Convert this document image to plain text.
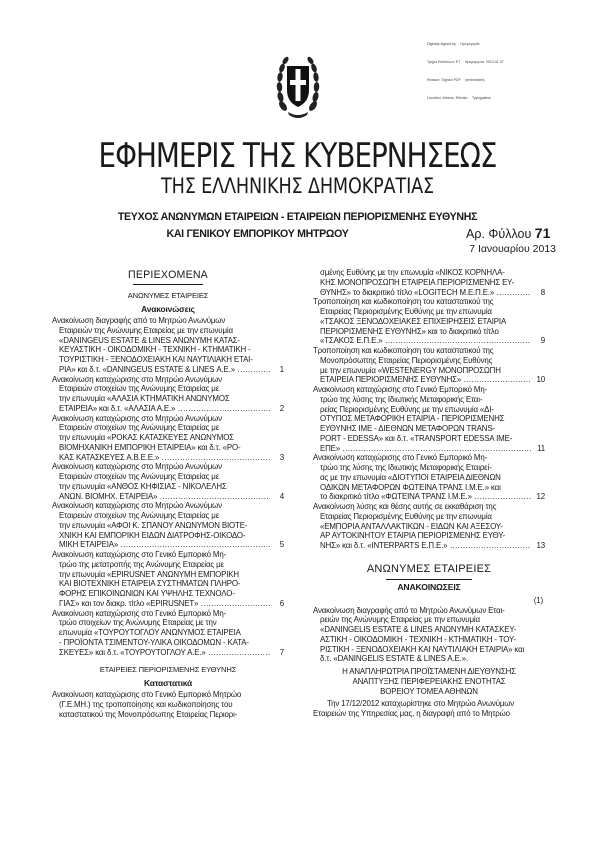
Digitally signed by Ημερομηνία Τμήμα Εκδόσεων ΕΤ Ημερομηνία: 2013.01.07 Reason: Signed PDF (embedded) Location: Athens, Ethniko Typografeio
ΕΦΗΜΕΡΙΣ ΤΗΣ ΚΥΒΕΡΝΗΣΕΩΣ
ΤΗΣ ΕΛΛΗΝΙΚΗΣ ΔΗΜΟΚΡΑΤΙΑΣ
ΤΕΥΧΟΣ ΑΝΩΝΥΜΩΝ ΕΤΑΙΡΕΙΩΝ - ΕΤΑΙΡΕΙΩΝ ΠΕΡΙΟΡΙΣΜΕΝΗΣ ΕΥΘΥΝΗΣ
ΚΑΙ ΓΕΝΙΚΟΥ ΕΜΠΟΡΙΚΟΥ ΜΗΤΡΩΟΥ	Αρ. Φύλλου 71
7 Ιανουαρίου 2013
ΠΕΡΙΕΧΟΜΕΝΑ
ΑΝΩΝΥΜΕΣ ΕΤΑΙΡΕΙΕΣ
Ανακοινώσεις
Ανακοίνωση διαγραφής από το Μητρώο Ανωνύμων
Εταιρειών της Ανώνυμης Εταιρείας με την επωνυμία
«DANINGEUS ESTATE & LINES ΑΝΩΝΥΜΗ ΚΑΤΑΣ-
ΚΕΥΑΣΤΙΚΗ - ΟΙΚΟΔΟΜΙΚΗ - ΤΕΧΝΙΚΗ - ΚΤΗΜΑΤΙΚΗ -
ΤΟΥΡΙΣΤΙΚΗ - ΞΕΝΟΔΟΧΕΙΑΚΗ ΚΑΙ ΝΑΥΤΙΛΙΑΚΗ ΕΤΑΙ-
ΡΙΑ» και δ.τ. «DANINGEUS ESTATE & LINES Α.Ε.» .....	1
Ανακοίνωση καταχώρισης στο Μητρώο Ανωνύμων
Εταιρειών στοιχείων της Ανώνυμης Εταιρείας με
την επωνυμία «ΑΛΑΣΙΑ ΚΤΗΜΑΤΙΚΗ ΑΝΩΝΥΜΟΣ
ΕΤΑΙΡΕΙΑ» και δ.τ. «ΑΛΑΣΙΑ Α.Ε.» .....	2
Ανακοίνωση καταχώρισης στο Μητρώο Ανωνύμων
Εταιρειών στοιχείων της Ανώνυμης Εταιρείας με
την επωνυμία «ΡΟΚΑΣ ΚΑΤΑΣΚΕΥΕΣ ΑΝΩΝΥΜΟΣ
ΒΙΟΜΗΧΑΝΙΚΗ ΕΜΠΟΡΙΚΗ ΕΤΑΙΡΕΙΑ» και δ.τ. «ΡΟ-
ΚΑΣ ΚΑΤΑΣΚΕΥΕΣ Α.Β.Ε.Ε.» .....	3
Ανακοίνωση καταχώρισης στο Μητρώο Ανωνύμων
Εταιρειών στοιχείων της Ανώνυμης Εταιρείας με
την επωνυμία «ΑΝΘΟΣ ΚΗΦΙΣΙΑΣ - ΝΙΚΟΛΕΛΗΣ
ΑΝΩΝ. ΒΙΟΜΗΧ. ΕΤΑΙΡΕΙΑ» .....	4
Ανακοίνωση καταχώρισης στο Μητρώο Ανωνύμων
Εταιρειών στοιχείων της Ανώνυμης Εταιρείας με
την επωνυμία «ΑΦΟΙ Κ. ΣΠΑΝΟΥ ΑΝΩΝΥΜΟΝ ΒΙΟΤΕ-
ΧΝΙΚΗ ΚΑΙ ΕΜΠΟΡΙΚΗ ΕΙΔΩΝ ΔΙΑΤΡΟΦΗΣ-ΟΙΚΟΔΟ-
ΜΙΚΗ ΕΤΑΙΡΕΙΑ» .....	5
Ανακοίνωση καταχώρισης στο Γενικό Εμπορικό Μη-
τρώο της μετατροπής της Ανώνυμης Εταιρείας με
την επωνυμία «EPIRUSNET ΑΝΩΝΥΜΗ ΕΜΠΟΡΙΚΗ
ΚΑΙ ΒΙΟΤΕΧΝΙΚΗ ΕΤΑΙΡΕΙΑ ΣΥΣΤΗΜΑΤΩΝ ΠΛΗΡΟ-
ΦΟΡΗΣ ΕΠΙΚΟΙΝΩΝΙΩΝ ΚΑΙ ΥΨΗΛΗΣ ΤΕΧΝΟΛΟ-
ΓΙΑΣ» και τον διακρ. τίτλο «EPIRUSNET» .....	6
Ανακοίνωση καταχώρισης στο Γενικό Εμπορικό Μη-
τρώο στοιχείων της Ανώνυμης Εταιρείας με την
επωνυμία «ΤΟΥΡΟΥΤΟΓΛΟΥ ΑΝΩΝΥΜΟΣ ΕΤΑΙΡΕΙΑ
- ΠΡΟΪΟΝΤΑ ΤΣΙΜΕΝΤΟΥ-ΥΛΙΚΑ ΟΙΚΟΔΟΜΩΝ - ΚΑΤΑ-
ΣΚΕΥΕΣ» και δ.τ. «ΤΟΥΡΟΥΤΟΓΛΟΥ Α.Ε.» .....	7
ΕΤΑΙΡΕΙΕΣ ΠΕΡΙΟΡΙΣΜΕΝΗΣ ΕΥΘΥΝΗΣ
Καταστατικά
Ανακοίνωση καταχώρισης στο Γενικό Εμπορικό Μητρώο
(Γ.Ε.ΜΗ.) της τροποποίησης και κωδικοποίησης του
καταστατικού της Μονοπρόσωπης Εταιρείας Περιορι-
σμένης Ευθύνης με την επωνυμία «ΝΙΚΟΣ ΚΟΡΝΗΛΑ-
ΚΗΣ ΜΟΝΟΠΡΟΣΩΠΗ ΕΤΑΙΡΕΙΑ ΠΕΡΙΟΡΙΣΜΕΝΗΣ ΕΥ-
ΘΥΝΗΣ» το διακριτικό τίτλο «LOGITECH Μ.Ε.Π.Ε.» .....	8
Τροποποίηση και κωδικοποίηση του καταστατικού της
Εταιρείας Περιορισμένης Ευθύνης με την επωνυμία
«ΤΣΑΚΟΣ ΞΕΝΟΔΟΧΕΙΑΚΕΣ ΕΠΙΧΕΙΡΗΣΕΙΣ ΕΤΑΙΡΙΑ
ΠΕΡΙΟΡΙΣΜΕΝΗΣ ΕΥΘΥΝΗΣ» και το διακριτικό τίτλο
«ΤΣΑΚΟΣ Ε.Π.Ε.» .....	9
Τροποποίηση και κωδικοποίηση του καταστατικού της
Μονοπρόσωπης Εταιρείας Περιορισμένης Ευθύνης
με την επωνυμία «WESTENERGY ΜΟΝΟΠΡΟΣΩΠΗ
ΕΤΑΙΡΕΙΑ ΠΕΡΙΟΡΙΣΜΕΝΗΣ ΕΥΘΥΝΗΣ» .....	10
Ανακοίνωση καταχώρισης στο Γενικό Εμπορικό Μη-
τρώο της λύσης της Ιδιωτικής Μεταφορικής Εται-
ρείας Περιορισμένης Ευθύνης με την επωνυμία «ΔΙ-
ΟΤΥΠΟΣ ΜΕΤΑΦΟΡΙΚΗ ΕΤΑΙΡΙΑ - ΠΕΡΙΟΡΙΣΜΕΝΗΣ
ΕΥΘΥΝΗΣ ΙΜΕ - ΔΙΕΘΝΩΝ ΜΕΤΑΦΟΡΩΝ TRANS-
PORT - EDESSA» και δ.τ. «TRANSPORT EDESSA ΙΜΕ-
ΕΠΕ» .....	11
Ανακοίνωση καταχώρισης στο Γενικό Εμπορικό Μη-
τρώο της λύσης της Ιδιωτικής Μεταφορικής Εταιρεί-
ας με την επωνυμία «ΔΙΟΤΥΠΟΙ ΕΤΑΙΡΕΙΑ ΔΙΕΘΝΩΝ
ΟΔΙΚΩΝ ΜΕΤΑΦΟΡΩΝ ΦΩΤΕΙΝΑ ΤΡΑΝΣ Ι.Μ.Ε.» και
το διακριτικό τίτλο «ΦΩΤΕΙΝΑ ΤΡΑΝΣ Ι.Μ.Ε.» .....	12
Ανακοίνωση λύσης και θέσης αυτής σε εκκαθάριση της
Εταιρείας Περιορισμένης Ευθύνης με την επωνυμία
«ΕΜΠΟΡΙΑ ΑΝΤΑΛΛΑΚΤΙΚΩΝ - ΕΙΔΩΝ ΚΑΙ ΑΞΕΣΟΥ-
ΑΡ ΑΥΤΟΚΙΝΗΤΟΥ ΕΤΑΙΡΙΑ ΠΕΡΙΟΡΙΣΜΕΝΗΣ ΕΥΘΥ-
ΝΗΣ» και δ.τ. «INTERPARTS Ε.Π.Ε.» .....	13
ΑΝΩΝΥΜΕΣ ΕΤΑΙΡΕΙΕΣ
ΑΝΑΚΟΙΝΩΣΕΙΣ
(1)
Ανακοίνωση διαγραφής από το Μητρώο Ανωνύμων Εται-
ρειών της Ανώνυμης Εταιρείας με την επωνυμία
«DANINGELIS ESTATE & LINES ΑΝΩΝΥΜΗ ΚΑΤΑΣΚΕΥ-
ΑΣΤΙΚΗ - ΟΙΚΟΔΟΜΙΚΗ - ΤΕΧΝΙΚΗ - ΚΤΗΜΑΤΙΚΗ - ΤΟΥ-
ΡΙΣΤΙΚΗ - ΞΕΝΟΔΟΧΕΙΑΚΗ ΚΑΙ ΝΑΥΤΙΛΙΑΚΗ ΕΤΑΙΡΙΑ» και
δ.τ. «DANINGELIS ESTATE & LINES A.E.».
Η ΑΝΑΠΛΗΡΩΤΡΙΑ ΠΡΟΪΣΤΑΜΕΝΗ ΔΙΕΥΘΥΝΣΗΣ
ΑΝΑΠΤΥΞΗΣ ΠΕΡΙΦΕΡΕΙΑΚΗΣ ΕΝΟΤΗΤΑΣ
ΒΟΡΕΙΟΥ ΤΟΜΕΑ ΑΘΗΝΩΝ
Την 17/12/2012 καταχωρίστηκε στο Μητρώο Ανωνύμων
Εταιρειών της Υπηρεσίας μας, η διαγραφή από το Μητρώο
